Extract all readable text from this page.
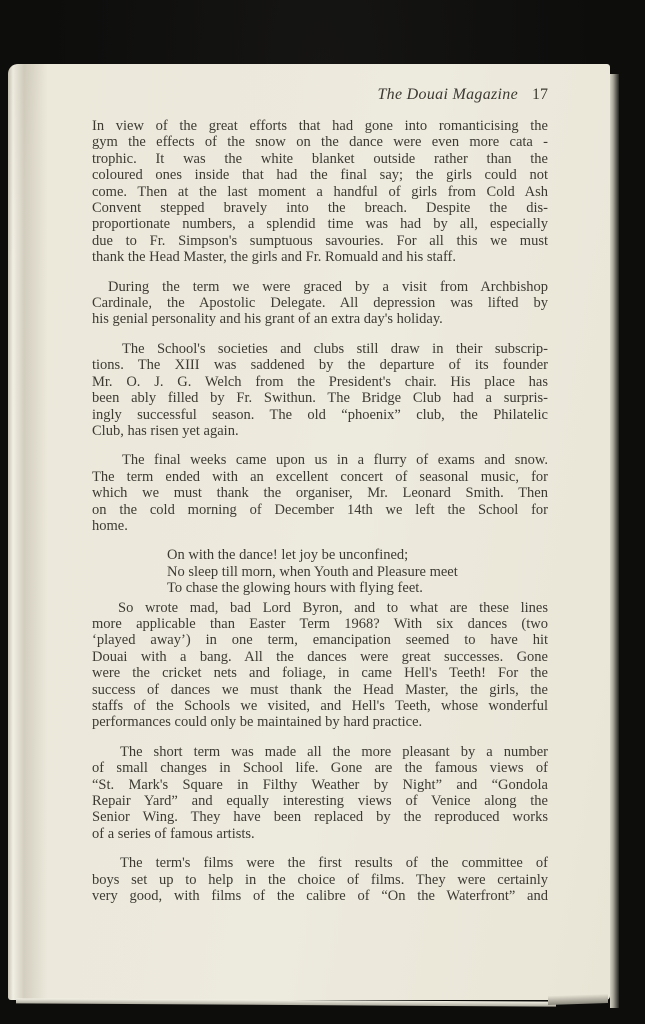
The Douai Magazine 17
In view of the great efforts that had gone into romanticising the
gym the effects of the snow on the dance were even more cata -
trophic. It was the white blanket outside rather than the
coloured ones inside that had the final say; the girls could not
come. Then at the last moment a handful of girls from Cold Ash
Convent stepped bravely into the breach. Despite the dis-
proportionate numbers, a splendid time was had by all, especially
due to Fr. Simpson's sumptuous savouries. For all this we must
thank the Head Master, the girls and Fr. Romuald and his staff.
During the term we were graced by a visit from Archbishop
Cardinale, the Apostolic Delegate. All depression was lifted by
his genial personality and his grant of an extra day's holiday.
The School's societies and clubs still draw in their subscrip-
tions. The XIII was saddened by the departure of its founder
Mr. O. J. G. Welch from the President's chair. His place has
been ably filled by Fr. Swithun. The Bridge Club had a surpris-
ingly successful season. The old “phoenix” club, the Philatelic
Club, has risen yet again.
The final weeks came upon us in a flurry of exams and snow.
The term ended with an excellent concert of seasonal music, for
which we must thank the organiser, Mr. Leonard Smith. Then
on the cold morning of December 14th we left the School for
home.
On with the dance! let joy be unconfined;
No sleep till morn, when Youth and Pleasure meet
To chase the glowing hours with flying feet.
So wrote mad, bad Lord Byron, and to what are these lines
more applicable than Easter Term 1968? With six dances (two
‘played away’) in one term, emancipation seemed to have hit
Douai with a bang. All the dances were great successes. Gone
were the cricket nets and foliage, in came Hell's Teeth! For the
success of dances we must thank the Head Master, the girls, the
staffs of the Schools we visited, and Hell's Teeth, whose wonderful
performances could only be maintained by hard practice.
The short term was made all the more pleasant by a number
of small changes in School life. Gone are the famous views of
“St. Mark's Square in Filthy Weather by Night” and “Gondola
Repair Yard” and equally interesting views of Venice along the
Senior Wing. They have been replaced by the reproduced works
of a series of famous artists.
The term's films were the first results of the committee of
boys set up to help in the choice of films. They were certainly
very good, with films of the calibre of “On the Waterfront” and
